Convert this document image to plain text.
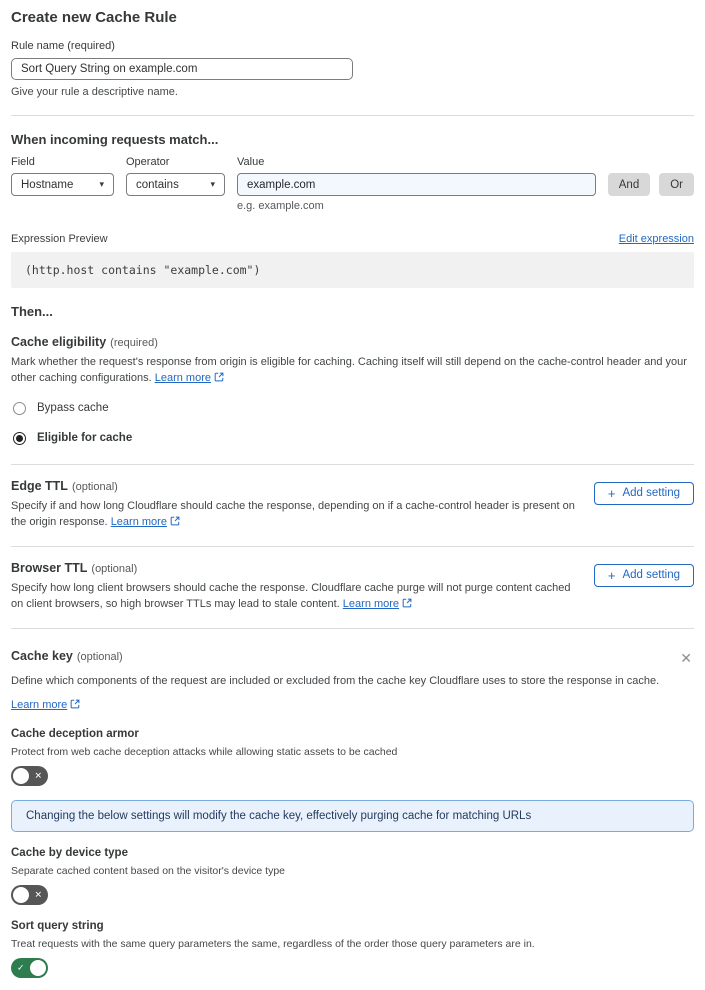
Create new Cache Rule
Rule name (required)
Sort Query String on example.com
Give your rule a descriptive name.
When incoming requests match...
Field
Hostname	▾
Operator
contains	▾
Value
example.com
And	Or
e.g. example.com
Expression Preview	Edit expression
(http.host contains "example.com")
Then...
Cache eligibility (required)
Mark whether the request's response from origin is eligible for caching. Caching itself will still depend on the cache-control header and your other caching configurations. Learn more
Bypass cache
Eligible for cache
Edge TTL (optional)
Specify if and how long Cloudflare should cache the response, depending on if a cache-control header is present on the origin response. Learn more
+ Add setting
Browser TTL (optional)
Specify how long client browsers should cache the response. Cloudflare cache purge will not purge content cached on client browsers, so high browser TTLs may lead to stale content. Learn more
+ Add setting
Cache key (optional)	✕
Define which components of the request are included or excluded from the cache key Cloudflare uses to store the response in cache.
Learn more
Cache deception armor
Protect from web cache deception attacks while allowing static assets to be cached
✕
Changing the below settings will modify the cache key, effectively purging cache for matching URLs
Cache by device type
Separate cached content based on the visitor's device type
✕
Sort query string
Treat requests with the same query parameters the same, regardless of the order those query parameters are in.
✓
